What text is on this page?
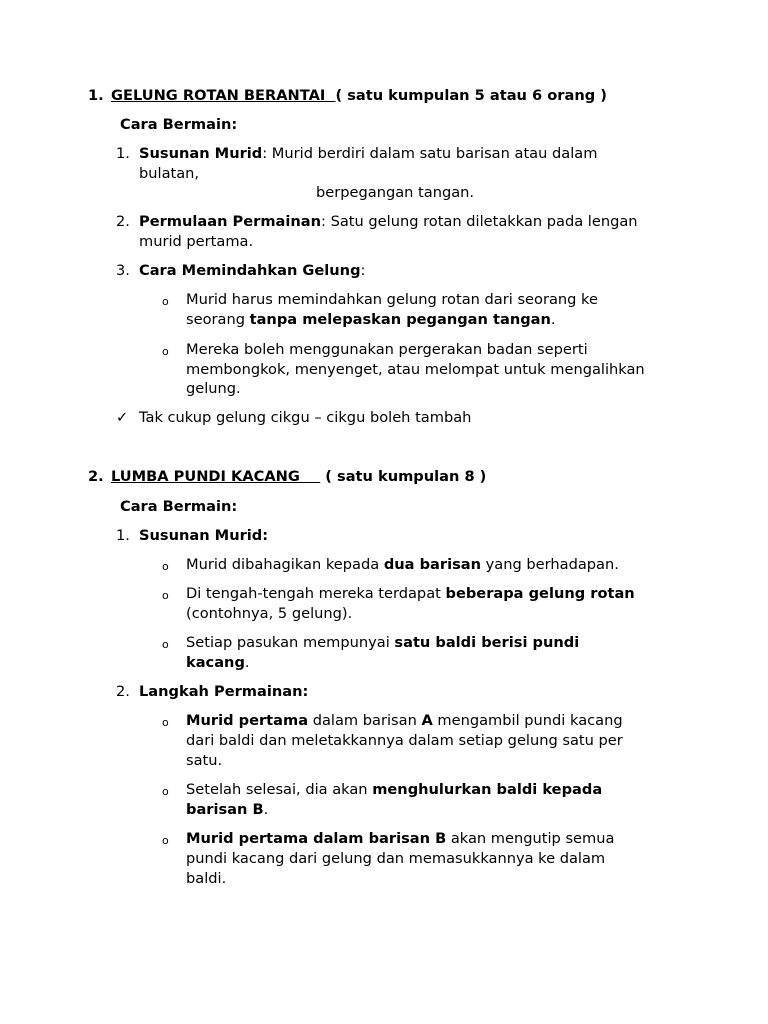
1. GELUNG ROTAN BERANTAI  ( satu kumpulan 5 atau 6 orang )
Cara Bermain:
1. Susunan Murid: Murid berdiri dalam satu barisan atau dalam
bulatan,
berpegangan tangan.
2. Permulaan Permainan: Satu gelung rotan diletakkan pada lengan
murid pertama.
3. Cara Memindahkan Gelung:
o Murid harus memindahkan gelung rotan dari seorang ke
seorang tanpa melepaskan pegangan tangan.
o Mereka boleh menggunakan pergerakan badan seperti
membongkok, menyenget, atau melompat untuk mengalihkan
gelung.
✓ Tak cukup gelung cikgu – cikgu boleh tambah
2. LUMBA PUNDI KACANG     ( satu kumpulan 8 )
Cara Bermain:
1. Susunan Murid:
o Murid dibahagikan kepada dua barisan yang berhadapan.
o Di tengah-tengah mereka terdapat beberapa gelung rotan
(contohnya, 5 gelung).
o Setiap pasukan mempunyai satu baldi berisi pundi
kacang.
2. Langkah Permainan:
o Murid pertama dalam barisan A mengambil pundi kacang
dari baldi dan meletakkannya dalam setiap gelung satu per
satu.
o Setelah selesai, dia akan menghulurkan baldi kepada
barisan B.
o Murid pertama dalam barisan B akan mengutip semua
pundi kacang dari gelung dan memasukkannya ke dalam
baldi.
